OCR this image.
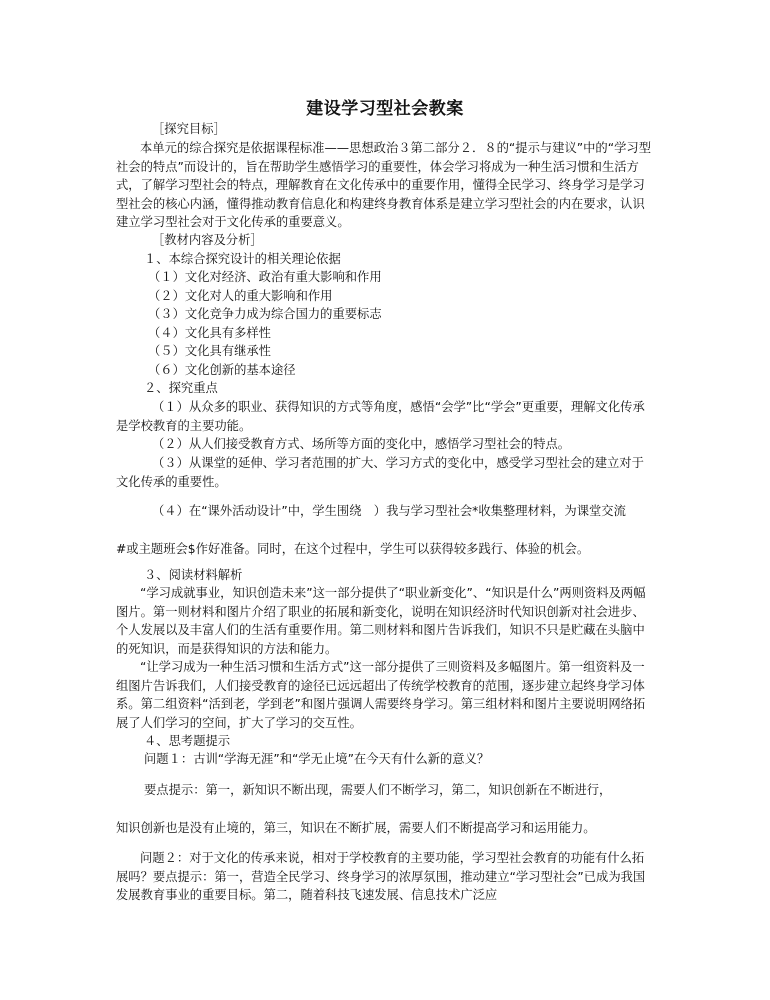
建设学习型社会教案
［探究目标］

本单元的综合探究是依据课程标准——思想政治３第二部分２．８的“提示与建议”中的“学习型社会的特点”而设计的，旨在帮助学生感悟学习的重要性，体会学习将成为一种生活习惯和生活方式，了解学习型社会的特点，理解教育在文化传承中的重要作用，懂得全民学习、终身学习是学习型社会的核心内涵，懂得推动教育信息化和构建终身教育体系是建立学习型社会的内在要求，认识建立学习型社会对于文化传承的重要意义。

［教材内容及分析］
１、本综合探究设计的相关理论依据
（１）文化对经济、政治有重大影响和作用
（２）文化对人的重大影响和作用
（３）文化竞争力成为综合国力的重要标志
（４）文化具有多样性
（５）文化具有继承性
（６）文化创新的基本途径
２、探究重点

（１）从众多的职业、获得知识的方式等角度，感悟“会学”比“学会”更重要，理解文化传承是学校教育的主要功能。

（２）从人们接受教育方式、场所等方面的变化中，感悟学习型社会的特点。

（３）从课堂的延伸、学习者范围的扩大、学习方式的变化中，感受学习型社会的建立对于文化传承的重要性。

（４）在“课外活动设计”中，学生围绕　）我与学习型社会*收集整理材料，为课堂交流
#或主题班会$作好准备。同时，在这个过程中，学生可以获得较多践行、体验的机会。
３、阅读材料解析

“学习成就事业，知识创造未来”这一部分提供了“职业新变化”、“知识是什么”两则资料及两幅图片。第一则材料和图片介绍了职业的拓展和新变化，说明在知识经济时代知识创新对社会进步、个人发展以及丰富人们的生活有重要作用。第二则材料和图片告诉我们，知识不只是贮藏在头脑中的死知识，而是获得知识的方法和能力。

“让学习成为一种生活习惯和生活方式”这一部分提供了三则资料及多幅图片。第一组资料及一组图片告诉我们，人们接受教育的途径已远远超出了传统学校教育的范围，逐步建立起终身学习体系。第二组资料“活到老，学到老”和图片强调人需要终身学习。第三组材料和图片主要说明网络拓展了人们学习的空间，扩大了学习的交互性。

４、思考题提示
问题１：古训“学海无涯”和“学无止境”在今天有什么新的意义？
要点提示：第一，新知识不断出现，需要人们不断学习，第二，知识创新在不断进行，
知识创新也是没有止境的，第三，知识在不断扩展，需要人们不断提高学习和运用能力。

问题２：对于文化的传承来说，相对于学校教育的主要功能，学习型社会教育的功能有什么拓展吗？要点提示：第一，营造全民学习、终身学习的浓厚氛围，推动建立“学习型社会”已成为我国发展教育事业的重要目标。第二，随着科技飞速发展、信息技术广泛应
